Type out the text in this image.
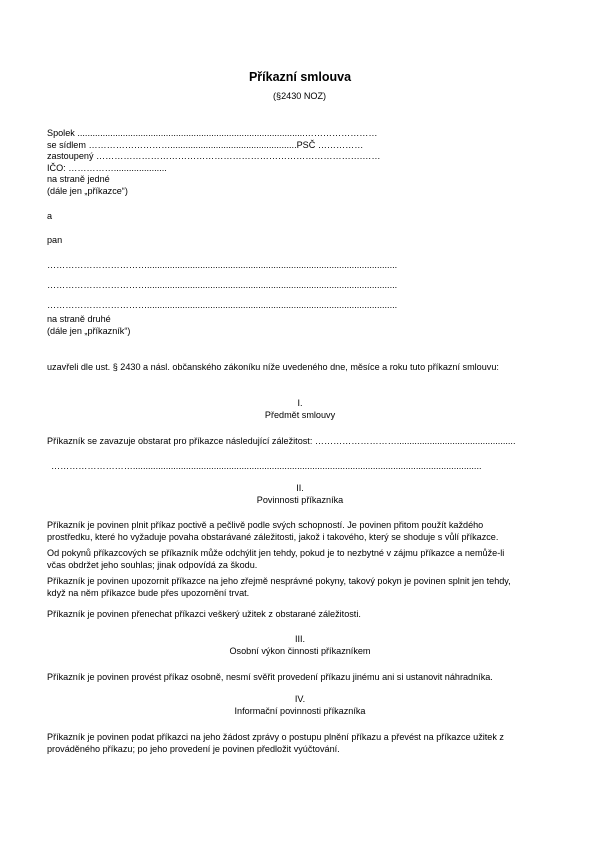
Příkazní smlouva
(§2430 NOZ)
Spolek ..........................................................................................……………………
se sídlem ………………………..................................................PSČ ……………
zastoupený …………………………………………………………………………….……
IČO: …………….....................
na straně jedné
(dále jen „příkazce“)
a
pan
……………………………...................................................................................................
……………………………...................................................................................................
……………………………...................................................................................................
na straně druhé
(dále jen „příkazník“)
uzavřeli dle ust. § 2430 a násl. občanského zákoníku níže uvedeného dne, měsíce a roku tuto příkazní smlouvu:
I.
Předmět smlouvy
Příkazník se zavazuje obstarat pro příkazce následující záležitost: ………………………...............................................
………………………..........................................................................................................................................
II.
Povinnosti příkazníka
Příkazník je povinen plnit příkaz poctivě a pečlivě podle svých schopností. Je povinen přitom použít každého
prostředku, které ho vyžaduje povaha obstarávané záležitosti, jakož i takového, který se shoduje s vůlí příkazce.
Od pokynů příkazcových se příkazník může odchýlit jen tehdy, pokud je to nezbytné v zájmu příkazce a nemůže-li
včas obdržet jeho souhlas; jinak odpovídá za škodu.
Příkazník je povinen upozornit příkazce na jeho zřejmě nesprávné pokyny, takový pokyn je povinen splnit jen tehdy,
když na něm příkazce bude přes upozornění trvat.
Příkazník je povinen přenechat příkazci veškerý užitek z obstarané záležitosti.
III.
Osobní výkon činnosti příkazníkem
Příkazník je povinen provést příkaz osobně, nesmí svěřit provedení příkazu jinému ani si ustanovit náhradníka.
IV.
Informační povinnosti příkazníka
Příkazník je povinen podat příkazci na jeho žádost zprávy o postupu plnění příkazu a převést na příkazce užitek z
prováděného příkazu; po jeho provedení je povinen předložit vyúčtování.
